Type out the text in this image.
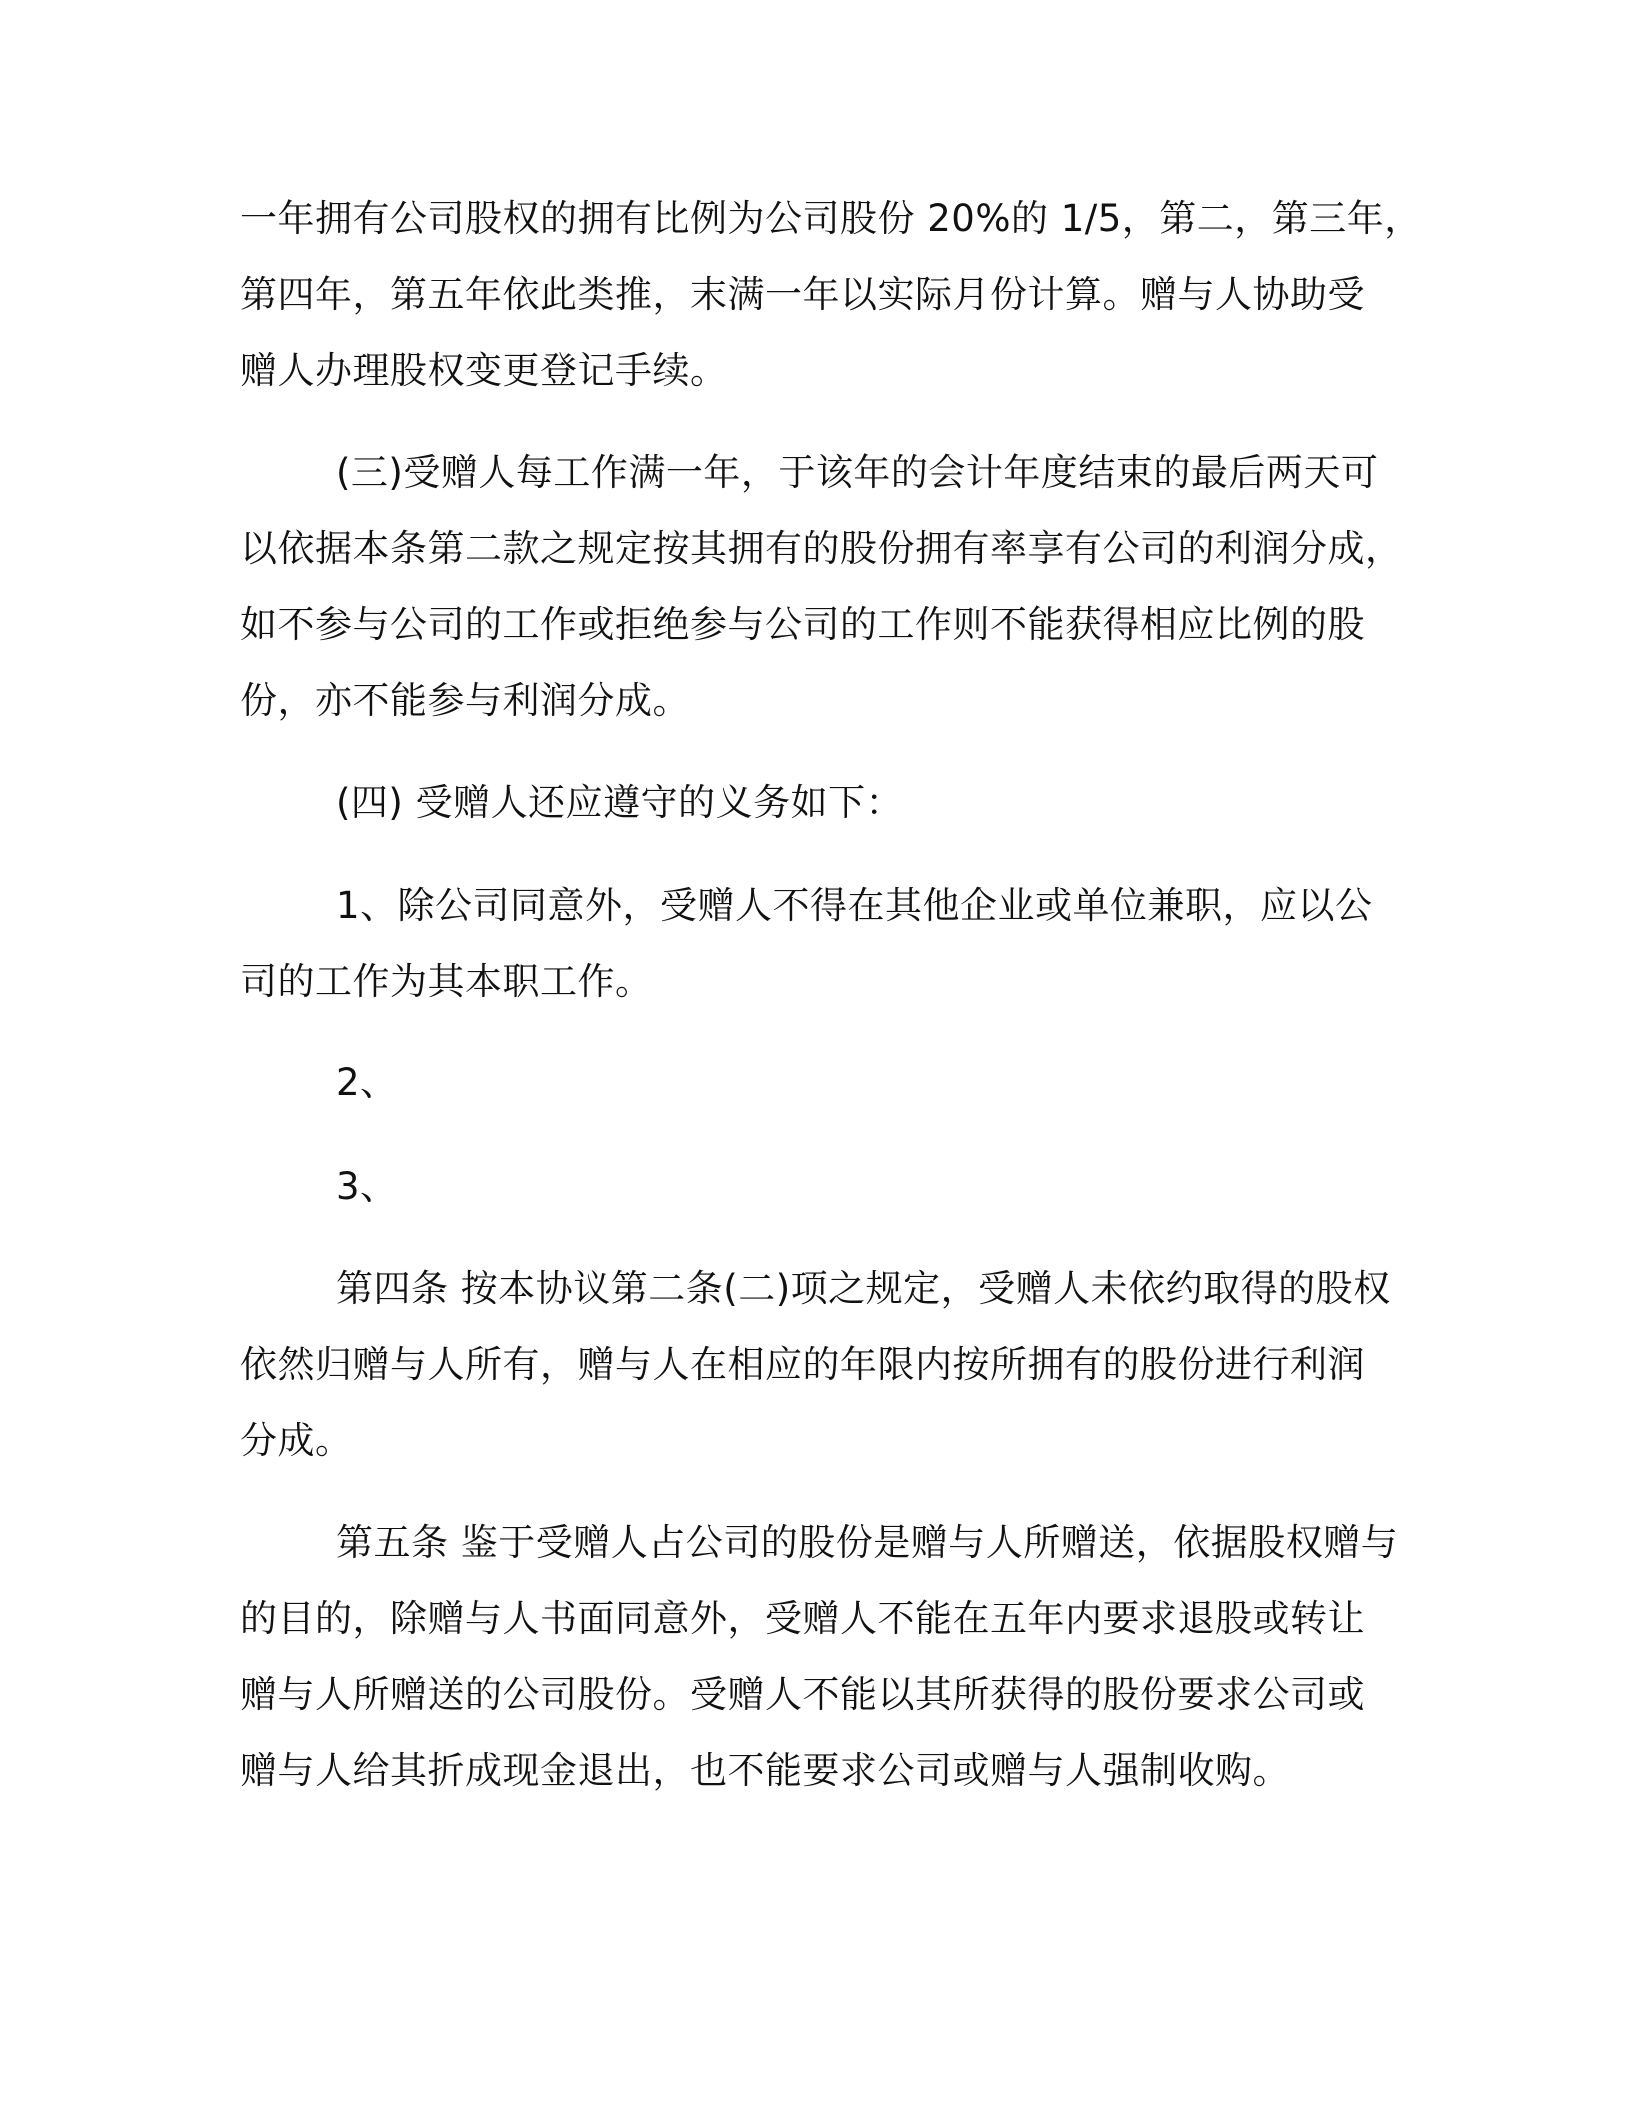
一年拥有公司股权的拥有比例为公司股份 20%的 1/5，第二，第三年，
第四年，第五年依此类推，末满一年以实际月份计算。赠与人协助受
赠人办理股权变更登记手续。
(三)受赠人每工作满一年，于该年的会计年度结束的最后两天可
以依据本条第二款之规定按其拥有的股份拥有率享有公司的利润分成，
如不参与公司的工作或拒绝参与公司的工作则不能获得相应比例的股
份，亦不能参与利润分成。
(四) 受赠人还应遵守的义务如下：
1、除公司同意外，受赠人不得在其他企业或单位兼职，应以公
司的工作为其本职工作。
2、
3、
第四条 按本协议第二条(二)项之规定，受赠人未依约取得的股权
依然归赠与人所有，赠与人在相应的年限内按所拥有的股份进行利润
分成。
第五条 鉴于受赠人占公司的股份是赠与人所赠送，依据股权赠与
的目的，除赠与人书面同意外，受赠人不能在五年内要求退股或转让
赠与人所赠送的公司股份。受赠人不能以其所获得的股份要求公司或
赠与人给其折成现金退出，也不能要求公司或赠与人强制收购。
